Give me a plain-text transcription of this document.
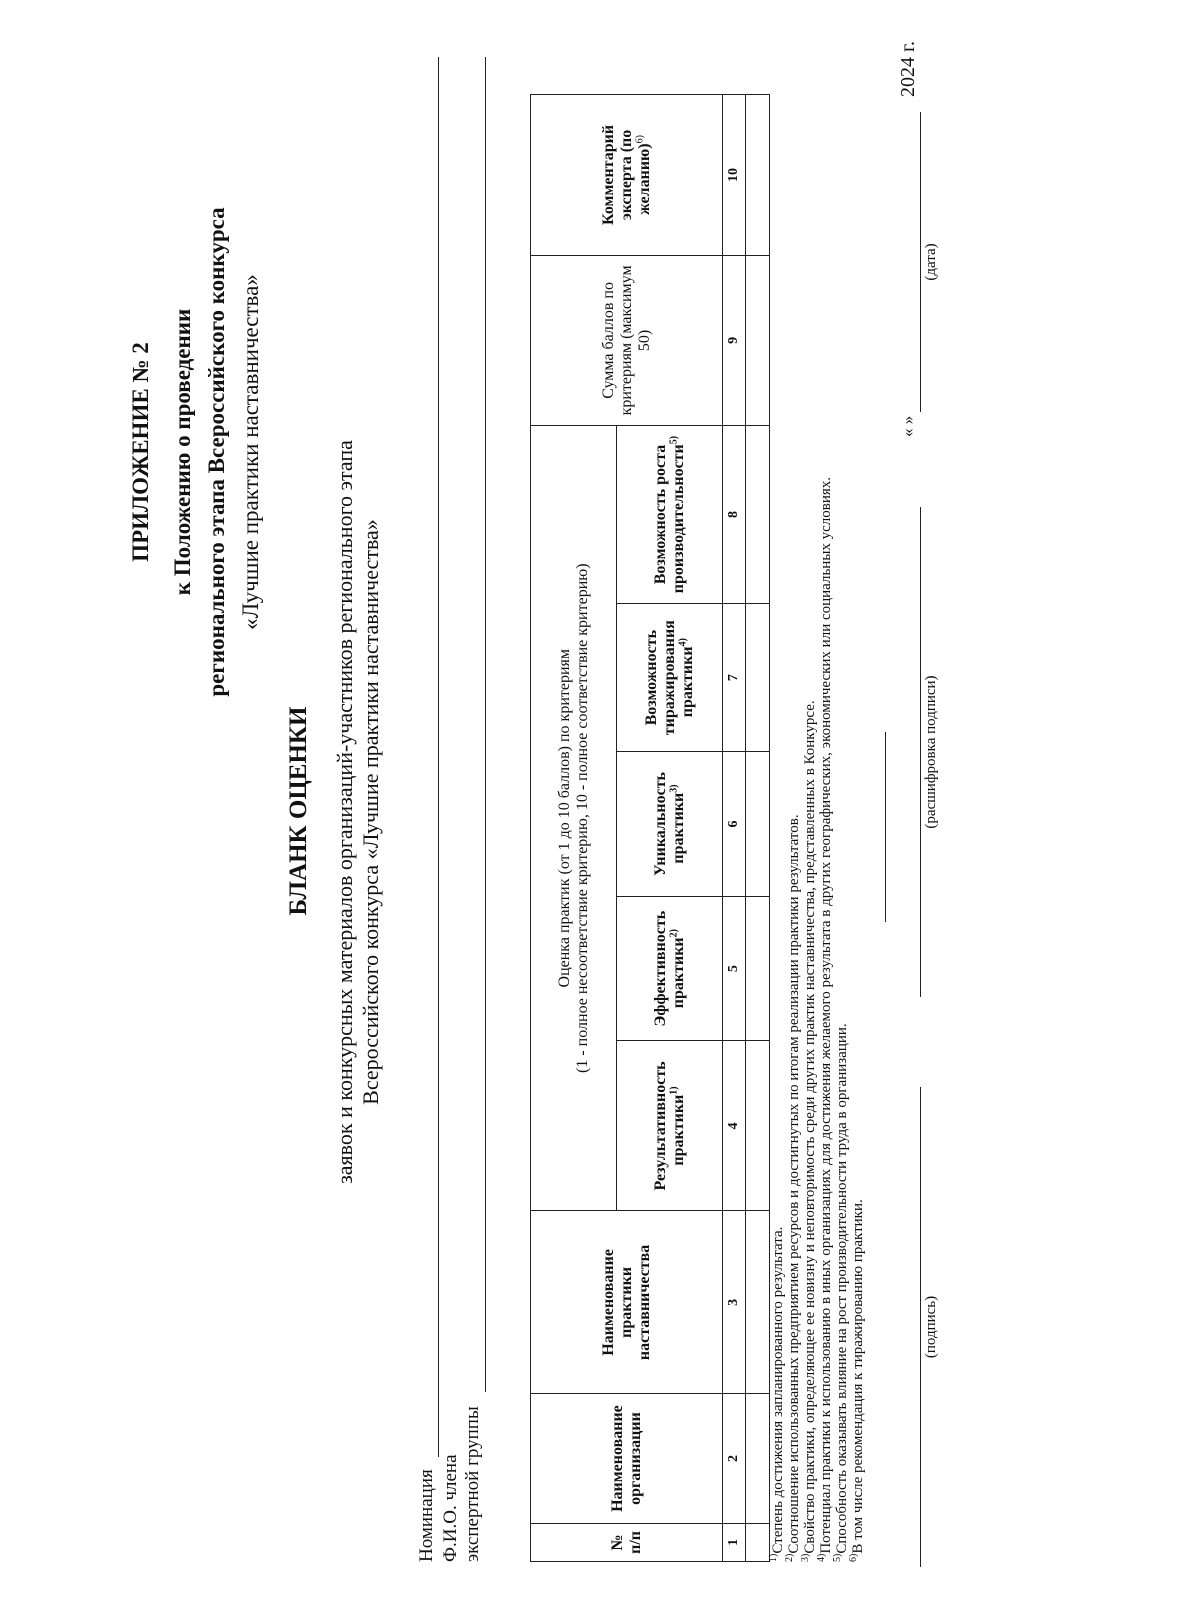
ПРИЛОЖЕНИЕ № 2 к Положению о проведении регионального этапа Всероссийского конкурса «Лучшие практики наставничества»
БЛАНК ОЦЕНКИ заявок и конкурсных материалов организаций-участников регионального этапа Всероссийского конкурса «Лучшие практики наставничества»
Номинация Ф.И.О. члена экспертной группы	№ п/п	Наименование организации	Наименование практики наставничества	Оценка практик (от 1 до 10 баллов) по критериям (1 - полное несоответствие критерию, 10 - полное соответствие критерию)					Сумма баллов по критериям (максимум 50)	Комментарий эксперта (по желанию)$^{6)}$
			Результативность практики$^{1)}$	Эффективность практики$^{2)}$	Уникальность практики$^{3)}$	Возможность тиражирования практики$^{4)}$	Возможность роста производительности$^{5)}$
1	2	3	4	5	6	7	8	9	10

$^{1)}$Степень достижения запланированного результата.
$^{2)}$Соотношение использованных предприятием ресурсов и достигнутых по итогам реализации практики результатов.
$^{3)}$Свойство практики, определяющее ее новизну и неповторимость среди других практик наставничества, представленных в Конкурсе.
$^{4)}$Потенциал практики к использованию в иных организациях для достижения желаемого результата в других географических, экономических или социальных условиях.
$^{5)}$Способность оказывать влияние на рост производительности труда в организации.
$^{6)}$В том числе рекомендация к тиражированию практики.
« »
2024 г.
(подпись)
(расшифровка подписи)
(дата)
